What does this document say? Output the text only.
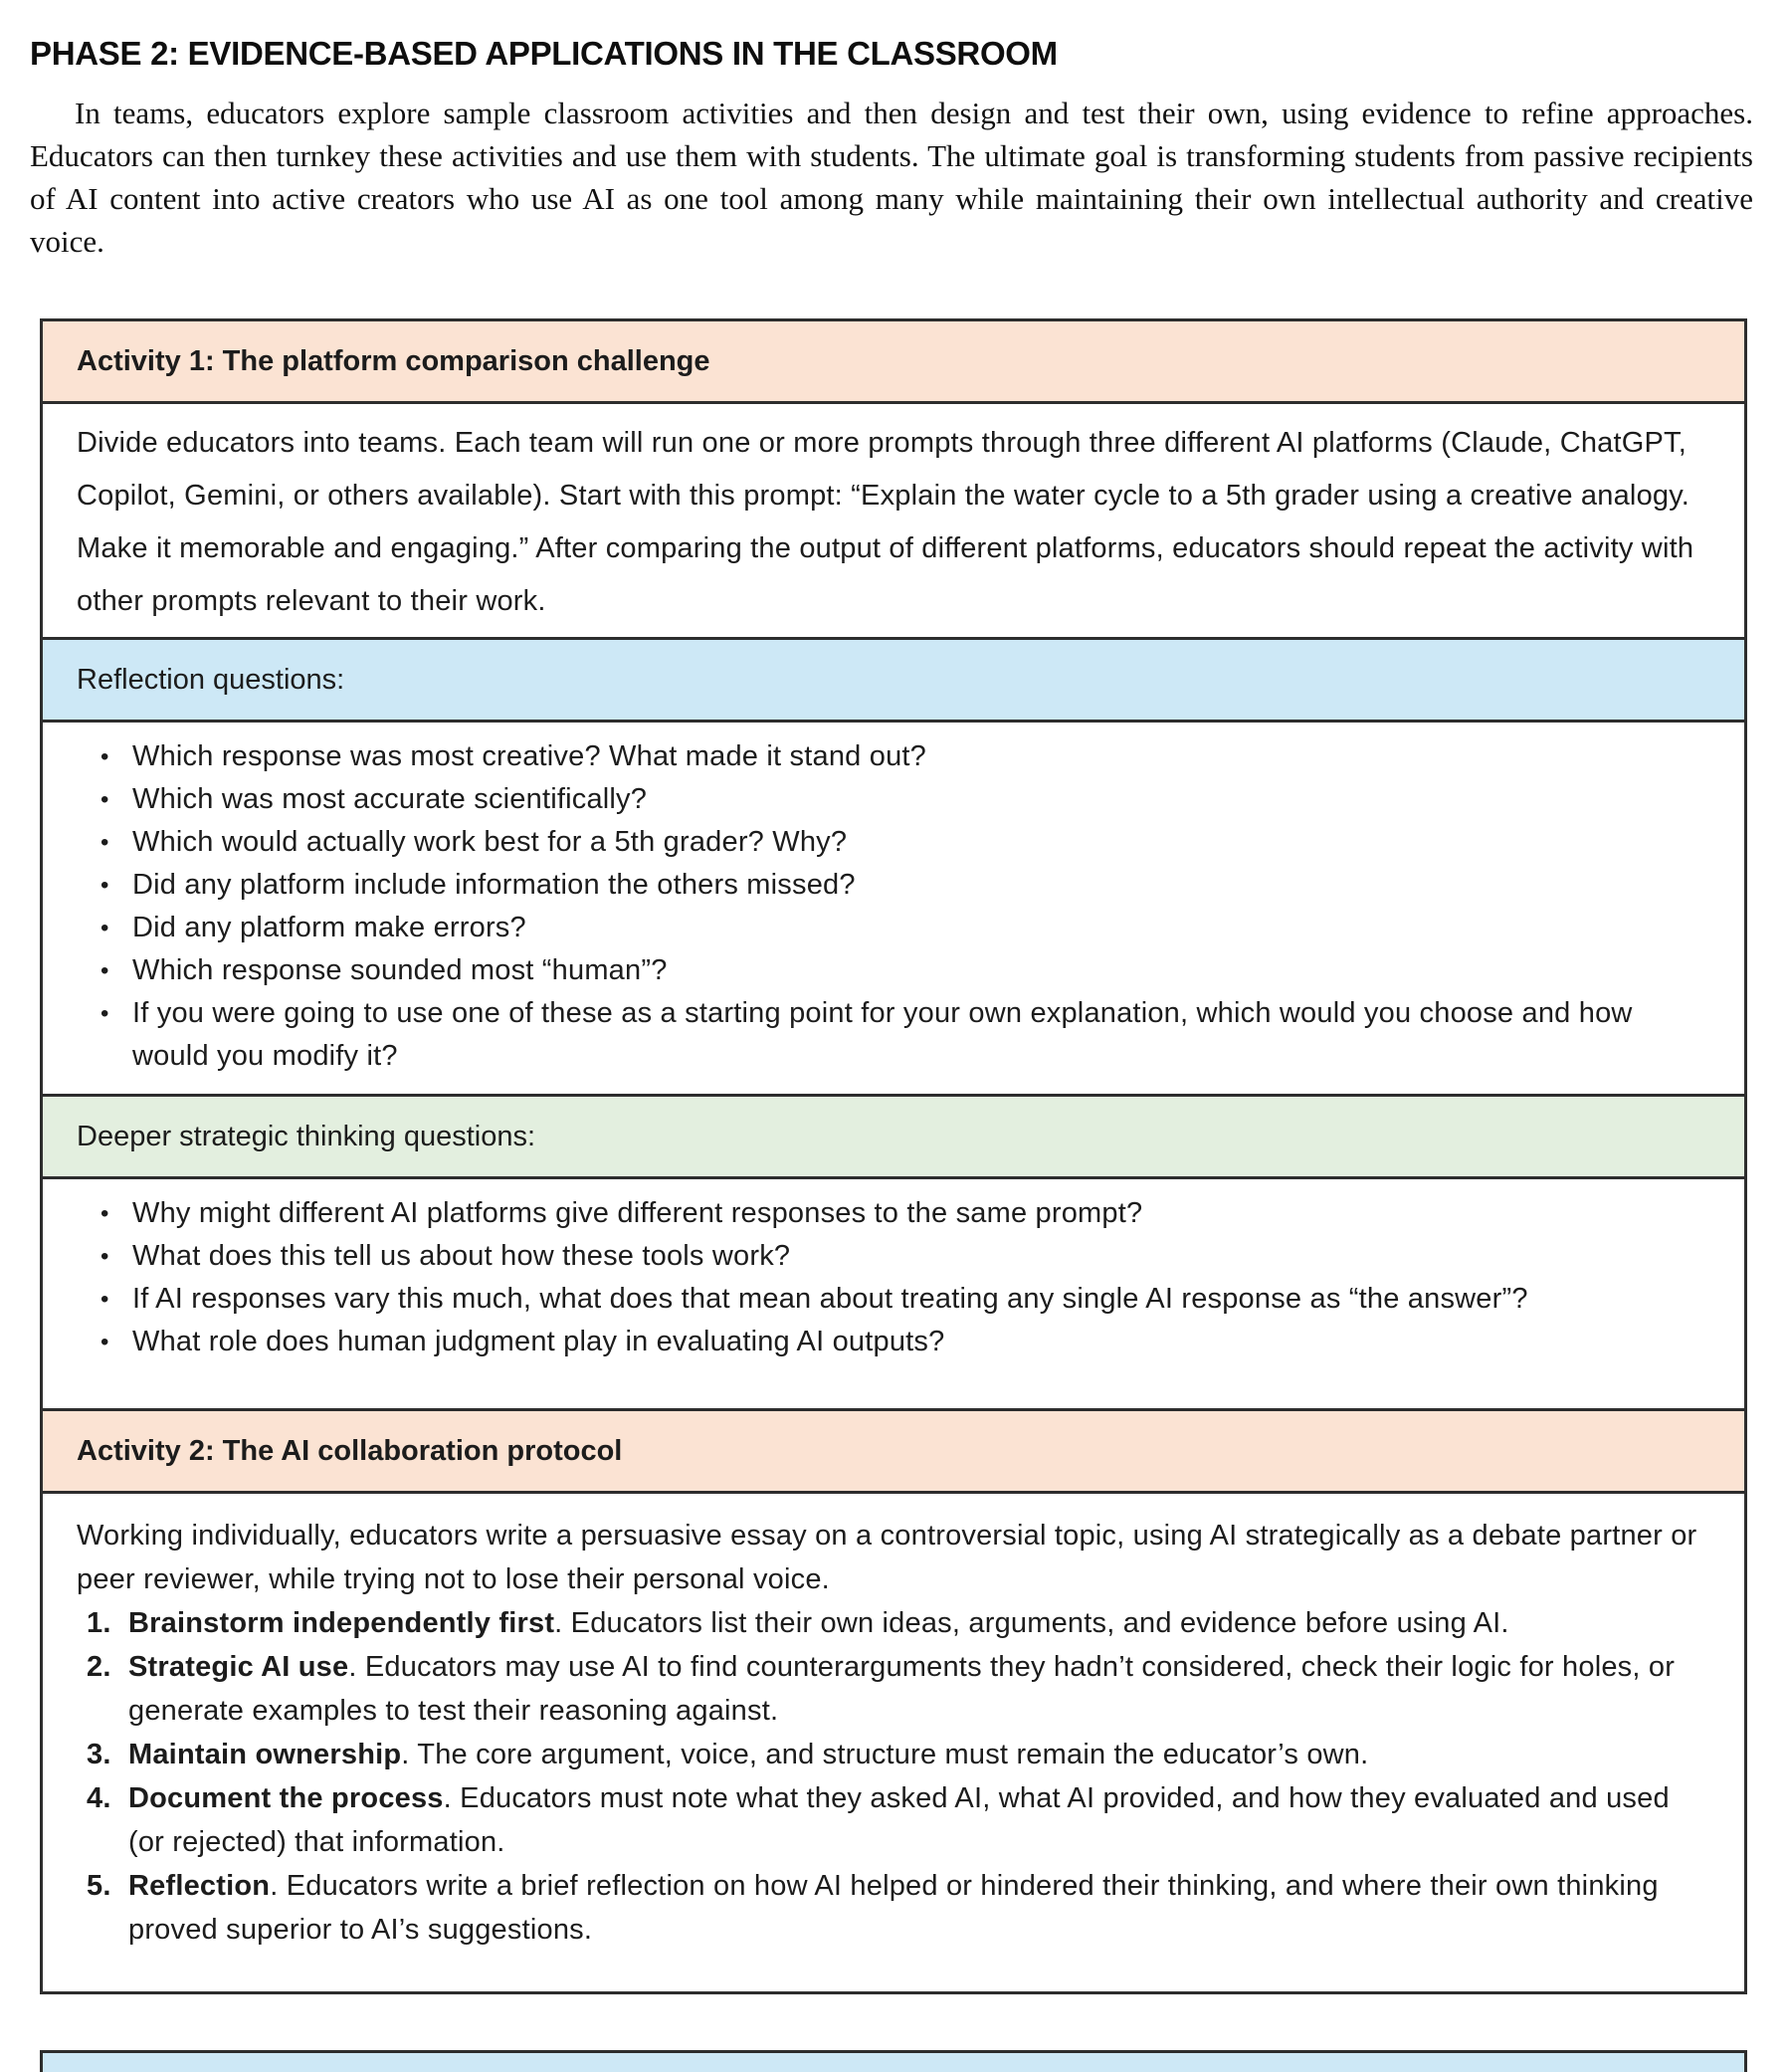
PHASE 2: EVIDENCE-BASED APPLICATIONS IN THE CLASSROOM

In teams, educators explore sample classroom activities and then design and test their own, using evidence to refine approaches. Educators can then turnkey these activities and use them with students. The ultimate goal is transforming students from passive recipients of AI content into active creators who use AI as one tool among many while maintaining their own intellectual authority and creative voice.

Activity 1: The platform comparison challenge

Divide educators into teams. Each team will run one or more prompts through three different AI platforms (Claude, ChatGPT, Copilot, Gemini, or others available). Start with this prompt: “Explain the water cycle to a 5th grader using a creative analogy. Make it memorable and engaging.” After comparing the output of different platforms, educators should repeat the activity with other prompts relevant to their work.

Reflection questions:
• Which response was most creative? What made it stand out?
• Which was most accurate scientifically?
• Which would actually work best for a 5th grader? Why?
• Did any platform include information the others missed?
• Did any platform make errors?
• Which response sounded most “human”?
• If you were going to use one of these as a starting point for your own explanation, which would you choose and how would you modify it?
Deeper strategic thinking questions:
• Why might different AI platforms give different responses to the same prompt?
• What does this tell us about how these tools work?
• If AI responses vary this much, what does that mean about treating any single AI response as “the answer”?
• What role does human judgment play in evaluating AI outputs?
Activity 2: The AI collaboration protocol

Working individually, educators write a persuasive essay on a controversial topic, using AI strategically as a debate partner or peer reviewer, while trying not to lose their personal voice.

1. Brainstorm independently first. Educators list their own ideas, arguments, and evidence before using AI.
2. Strategic AI use. Educators may use AI to find counterarguments they hadn’t considered, check their logic for holes, or generate examples to test their reasoning against.
3. Maintain ownership. The core argument, voice, and structure must remain the educator’s own.
4. Document the process. Educators must note what they asked AI, what AI provided, and how they evaluated and used (or rejected) that information.
5. Reflection. Educators write a brief reflection on how AI helped or hindered their thinking, and where their own thinking proved superior to AI’s suggestions.
